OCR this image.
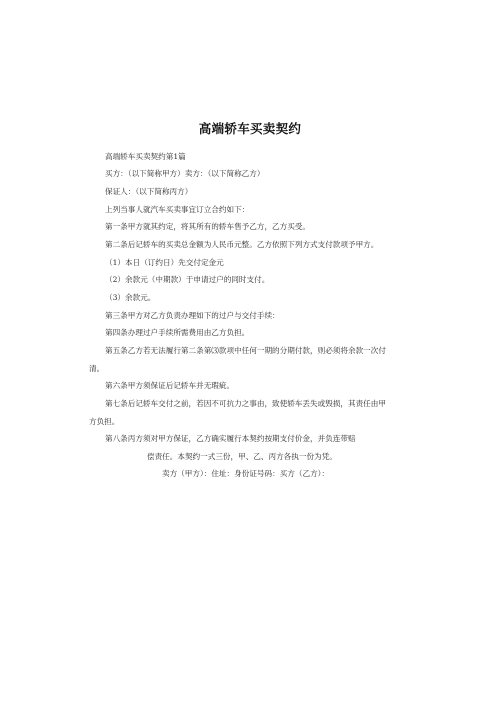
高端轿车买卖契约
高端轿车买卖契约第1篇
买方：（以下简称甲方）卖方：（以下简称乙方）
保证人：（以下简称丙方）
上列当事人就汽车买卖事宜订立合约如下：
第一条甲方就其约定，将其所有的轿车售予乙方，乙方买受。
第二条后记轿车的买卖总金额为人民币元整。乙方依照下列方式支付款项予甲方。
（1）本日（订约日）先交付定金元
（2）余款元（中期款）于申请过户的同时支付。
（3）余款元。
第三条甲方对乙方负责办理如下的过户与交付手续：
第四条办理过户手续所需费用由乙方负担。
第五条乙方若无法履行第二条第⑶款项中任何一期的分期付款，则必须将余款一次付清。
第六条甲方须保证后记轿车并无瑕疵。
第七条后记轿车交付之前，若因不可抗力之事由，致使轿车丢失或毁损，其责任由甲方负担。
第八条丙方须对甲方保证，乙方确实履行本契约按期支付价金，并负连带赔
偿责任。本契约一式三份，甲、乙、丙方各执一份为凭。
卖方（甲方）：住址：身份证号码：买方（乙方）：
